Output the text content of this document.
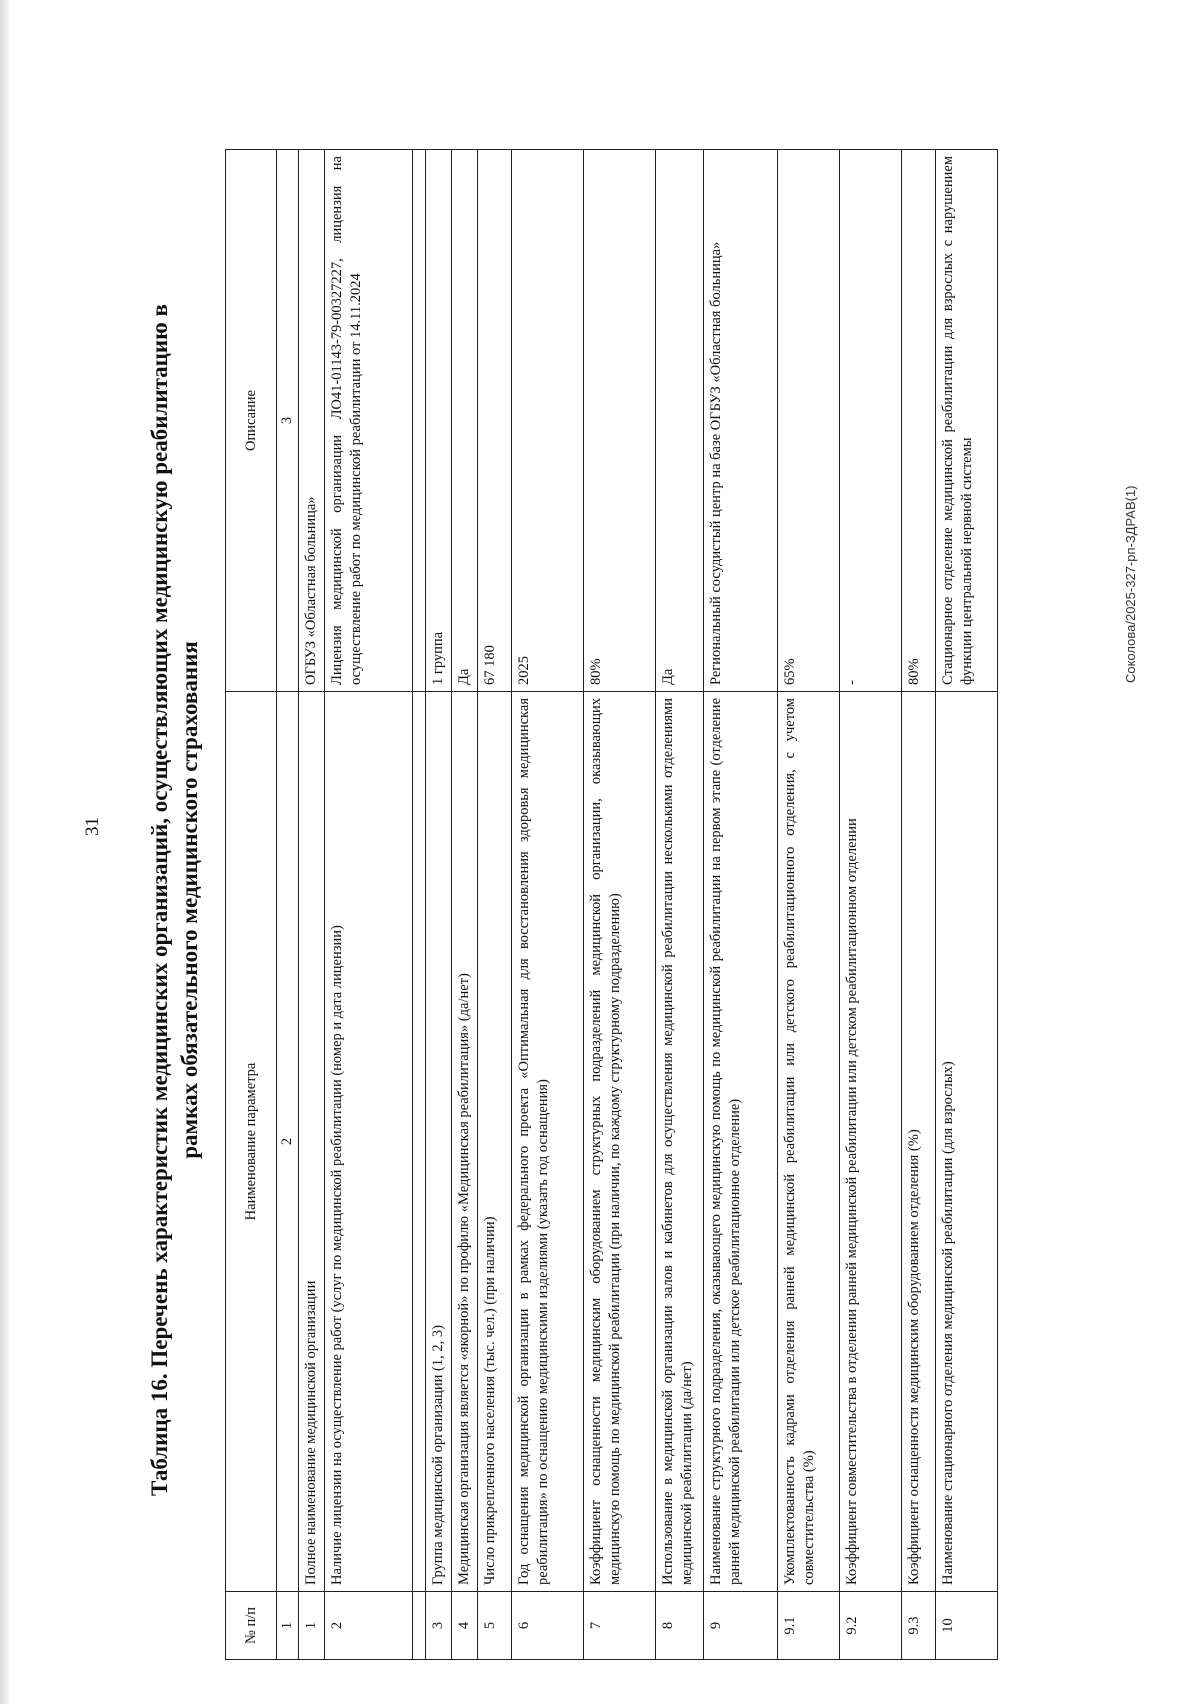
31
Соколова/2025-327-рп-ЗДРАВ(1)
Таблица 16. Перечень характеристик медицинских организаций, осуществляющих медицинскую реабилитацию в рамках обязательного медицинского страхования
№ п/п	Наименование параметра	Описание
1	2	3
1	Полное наименование медицинской организации	ОГБУЗ «Областная больница»
2	Наличие лицензии на осуществление работ (услуг по медицинской реабилитации (номер и дата лицензии)	Лицензия медицинской организации ЛО41-01143-79-00327227, лицензия на осуществление работ по медицинской реабилитации от 14.11.2024

3	Группа медицинской организации (1, 2, 3)	1 группа
4	Медицинская организация является «якорной» по профилю «Медицинская реабилитация» (да/нет)	Да
5	Число прикрепленного населения (тыс. чел.) (при наличии)	67 180
6	Год оснащения медицинской организации в рамках федерального проекта «Оптимальная для восстановления здоровья медицинская реабилитация» по оснащению медицинскими изделиями (указать год оснащения)	2025
7	Коэффициент оснащенности медицинским оборудованием структурных подразделений медицинской организации, оказывающих медицинскую помощь по медицинской реабилитации (при наличии, по каждому структурному подразделению)	80%
8	Использование в медицинской организации залов и кабинетов для осуществления медицинской реабилитации несколькими отделениями медицинской реабилитации (да/нет)	Да
9	Наименование структурного подразделения, оказывающего медицинскую помощь по медицинской реабилитации на первом этапе (отделение ранней медицинской реабилитации или детское реабилитационное отделение)	Региональный сосудистый центр на базе ОГБУЗ «Областная больница»
9.1	Укомплектованность кадрами отделения ранней медицинской реабилитации или детского реабилитационного отделения, с учетом совместительства (%)	65%
9.2	Коэффициент совместительства в отделении ранней медицинской реабилитации или детском реабилитационном отделении	-
9.3	Коэффициент оснащенности медицинским оборудованием отделения (%)	80%
10	Наименование стационарного отделения медицинской реабилитации (для взрослых)	Стационарное отделение медицинской реабилитации для взрослых с нарушением функции центральной нервной системы
